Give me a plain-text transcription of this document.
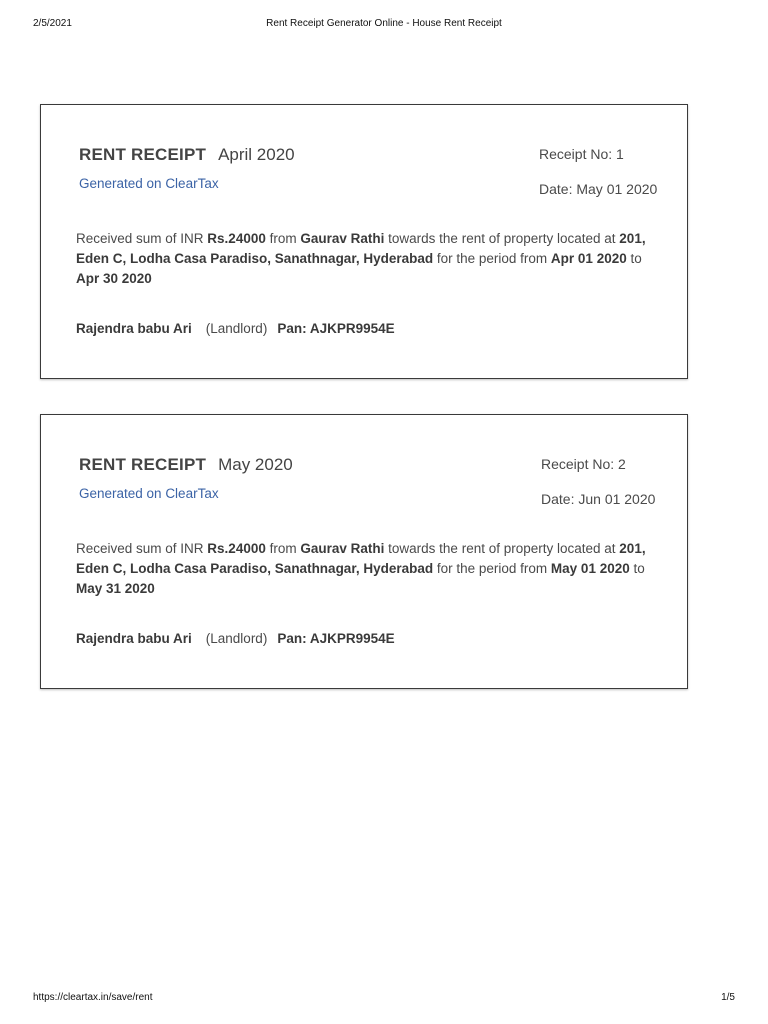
2/5/2021	Rent Receipt Generator Online - House Rent Receipt
RENT RECEIPT April 2020
Generated on ClearTax
Receipt No: 1
Date: May 01 2020
Received sum of INR Rs.24000 from Gaurav Rathi towards the rent of property located at 201, Eden C, Lodha Casa Paradiso, Sanathnagar, Hyderabad for the period from Apr 01 2020 to Apr 30 2020
Rajendra babu Ari (Landlord) Pan: AJKPR9954E
RENT RECEIPT May 2020
Generated on ClearTax
Receipt No: 2
Date: Jun 01 2020
Received sum of INR Rs.24000 from Gaurav Rathi towards the rent of property located at 201, Eden C, Lodha Casa Paradiso, Sanathnagar, Hyderabad for the period from May 01 2020 to May 31 2020
Rajendra babu Ari (Landlord) Pan: AJKPR9954E
https://cleartax.in/save/rent	1/5
